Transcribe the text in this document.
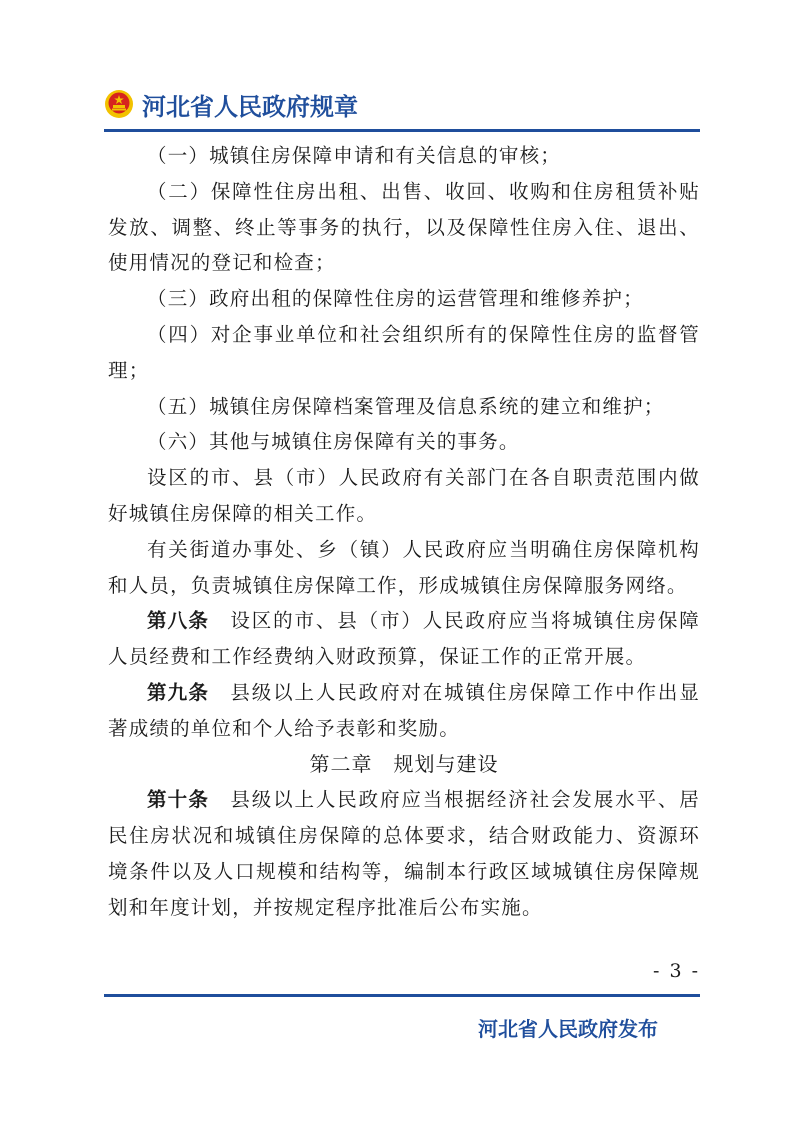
河北省人民政府规章

（一）城镇住房保障申请和有关信息的审核；

（二）保障性住房出租、出售、收回、收购和住房租赁补贴发放、调整、终止等事务的执行，以及保障性住房入住、退出、使用情况的登记和检查；

（三）政府出租的保障性住房的运营管理和维修养护；

（四）对企事业单位和社会组织所有的保障性住房的监督管理；

（五）城镇住房保障档案管理及信息系统的建立和维护；

（六）其他与城镇住房保障有关的事务。

设区的市、县（市）人民政府有关部门在各自职责范围内做好城镇住房保障的相关工作。

有关街道办事处、乡（镇）人民政府应当明确住房保障机构和人员，负责城镇住房保障工作，形成城镇住房保障服务网络。

第八条　 设区的市、县（市）人民政府应当将城镇住房保障人员经费和工作经费纳入财政预算，保证工作的正常开展。

第九条　 县级以上人民政府对在城镇住房保障工作中作出显著成绩的单位和个人给予表彰和奖励。

第二章　规划与建设

第十条　 县级以上人民政府应当根据经济社会发展水平、居民住房状况和城镇住房保障的总体要求，结合财政能力、资源环境条件以及人口规模和结构等，编制本行政区域城镇住房保障规划和年度计划，并按规定程序批准后公布实施。

- 3 -
河北省人民政府发布
